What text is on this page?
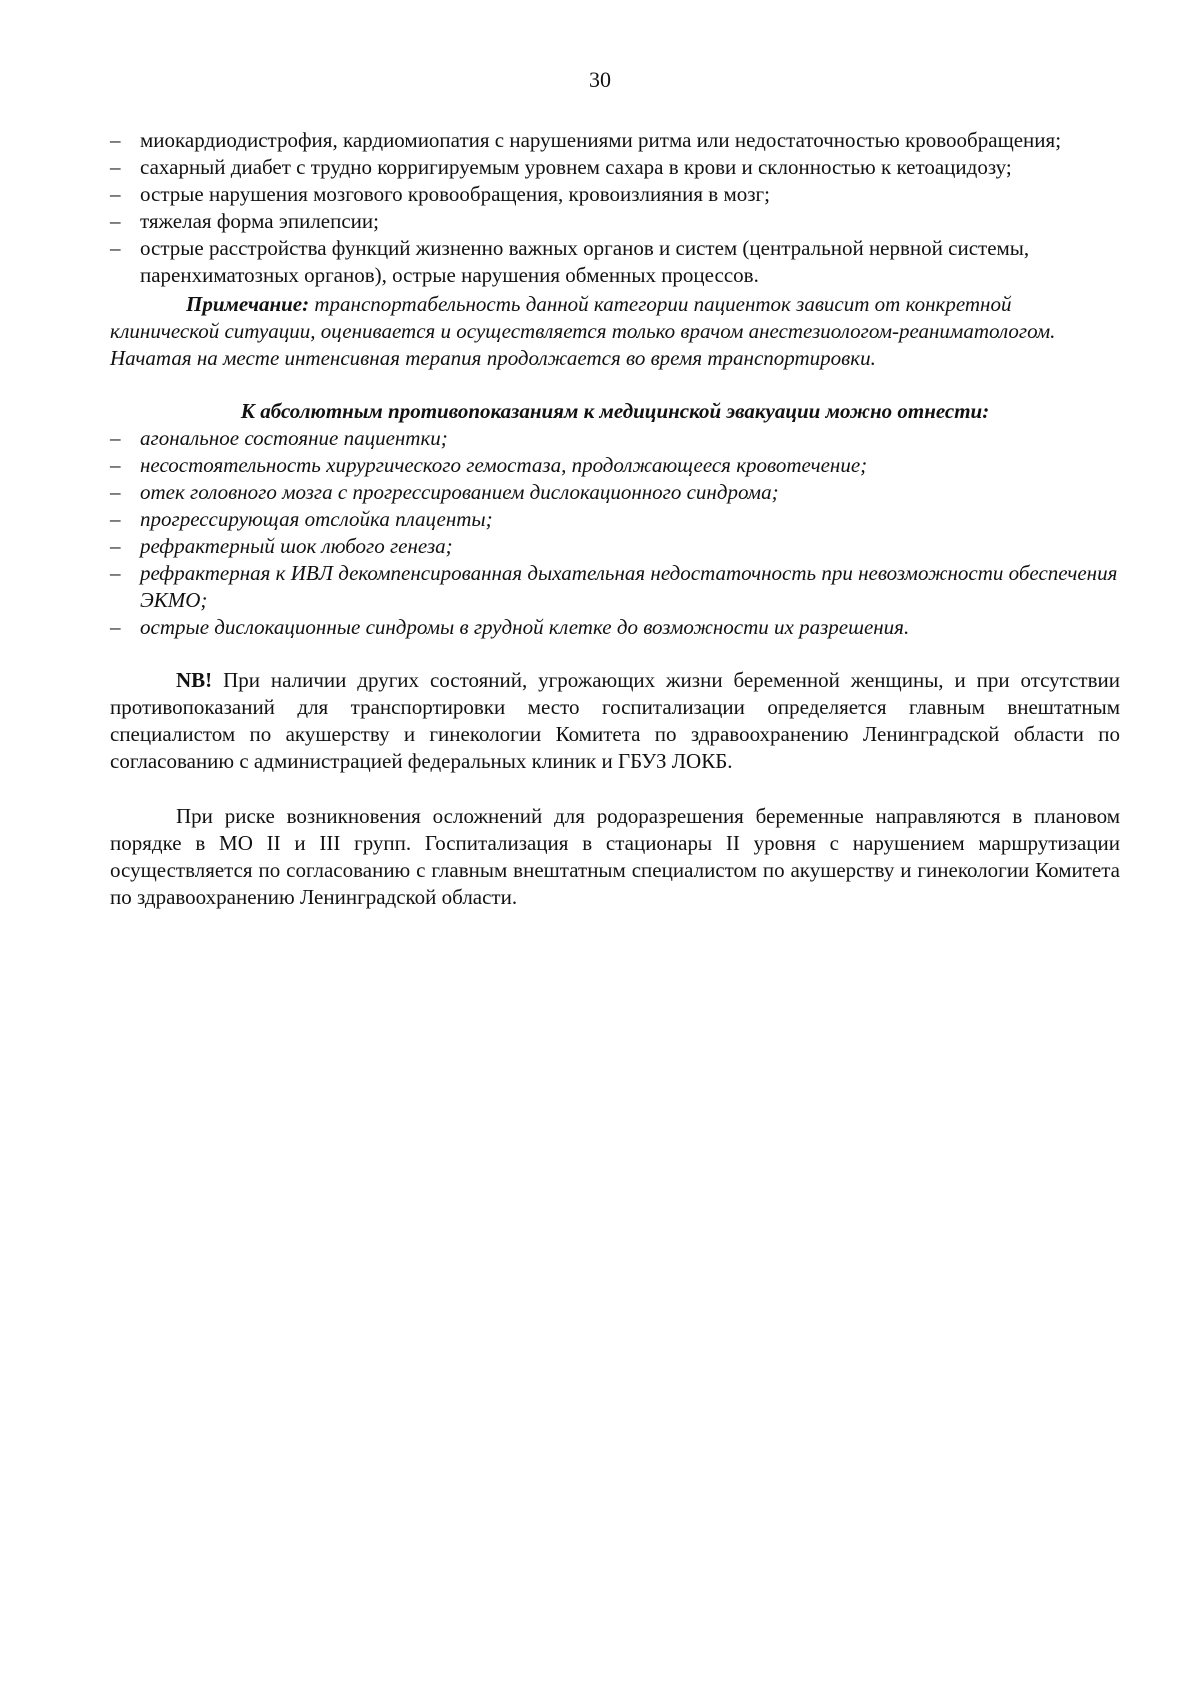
30
– миокардиодистрофия, кардиомиопатия с нарушениями ритма или недостаточностью кровообращения;
– сахарный диабет с трудно корригируемым уровнем сахара в крови и склонностью к кетоацидозу;
– острые нарушения мозгового кровообращения, кровоизлияния в мозг;
– тяжелая форма эпилепсии;
– острые расстройства функций жизненно важных органов и систем (центральной нервной системы, паренхиматозных органов), острые нарушения обменных процессов.

Примечание: транспортабельность данной категории пациенток зависит от конкретной клинической ситуации, оценивается и осуществляется только врачом анестезиологом-реаниматологом. Начатая на месте интенсивная терапия продолжается во время транспортировки.

К абсолютным противопоказаниям к медицинской эвакуации можно отнести:

– агональное состояние пациентки;
– несостоятельность хирургического гемостаза, продолжающееся кровотечение;
– отек головного мозга с прогрессированием дислокационного синдрома;
– прогрессирующая отслойка плаценты;
– рефрактерный шок любого генеза;
– рефрактерная к ИВЛ декомпенсированная дыхательная недостаточность при невозможности обеспечения ЭКМО;
– острые дислокационные синдромы в грудной клетке до возможности их разрешения.

NB! При наличии других состояний, угрожающих жизни беременной женщины, и при отсутствии противопоказаний для транспортировки место госпитализации определяется главным внештатным специалистом по акушерству и гинекологии Комитета по здравоохранению Ленинградской области по согласованию с администрацией федеральных клиник и ГБУЗ ЛОКБ.

При риске возникновения осложнений для родоразрешения беременные направляются в плановом порядке в МО II и III групп. Госпитализация в стационары II уровня с нарушением маршрутизации осуществляется по согласованию с главным внештатным специалистом по акушерству и гинекологии Комитета по здравоохранению Ленинградской области.
